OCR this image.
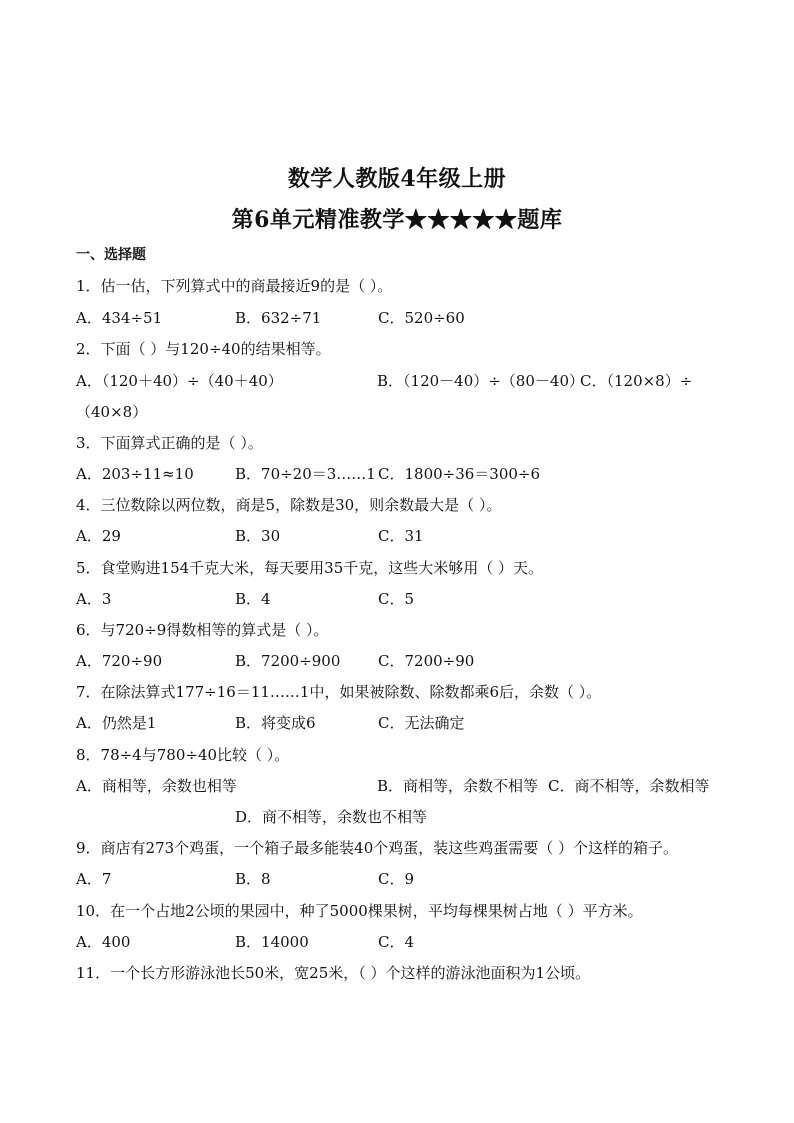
数学人教版4年级上册
第6单元精准教学★★★★★题库
一、选择题
1．估一估，下列算式中的商最接近9的是（ ）。
A．434÷51	B．632÷71	C．520÷60
2．下面（ ）与120÷40的结果相等。
A．（120＋40）÷（40＋40）	B．（120－40）÷（80－40）
C．（120×8）÷
（40×8）
3．下面算式正确的是（ ）。
A．203÷11≈10	B．70÷20＝3……1 C．1800÷36＝300÷6
4．三位数除以两位数，商是5，除数是30，则余数最大是（ ）。
A．29	B．30	C．31
5．食堂购进154千克大米，每天要用35千克，这些大米够用（ ）天。
A．3	B．4	C．5
6．与720÷9得数相等的算式是（ ）。
A．720÷90	B．7200÷900	C．7200÷90
7．在除法算式177÷16＝11……1中，如果被除数、除数都乘6后，余数（ ）。
A．仍然是1	B．将变成6	C．无法确定
8．78÷4与780÷40比较（ ）。
A．商相等，余数也相等	B．商相等，余数不相等 C．商不相等，余数相等
D．商不相等，余数也不相等
9．商店有273个鸡蛋，一个箱子最多能装40个鸡蛋，装这些鸡蛋需要（ ）个这样的箱子。
A．7	B．8	C．9
10．在一个占地2公顷的果园中，种了5000棵果树，平均每棵果树占地（ ）平方米。
A．400	B．14000	C．4
11．一个长方形游泳池长50米，宽25米，（ ）个这样的游泳池面积为1公顷。
